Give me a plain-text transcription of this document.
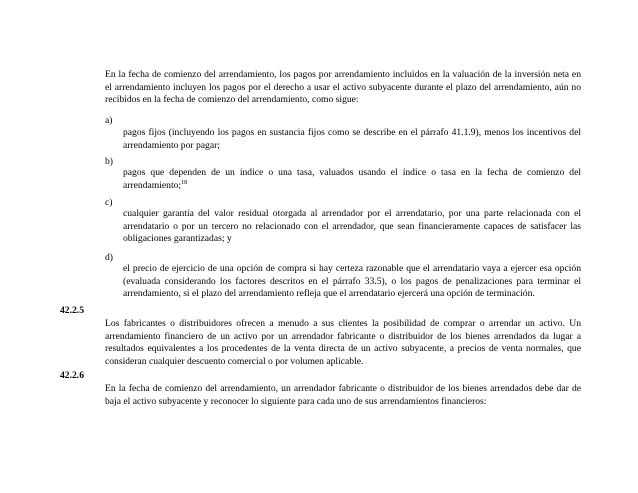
En la fecha de comienzo del arrendamiento, los pagos por arrendamiento incluidos en la valuación de la inversión neta en el arrendamiento incluyen los pagos por el derecho a usar el activo subyacente durante el plazo del arrendamiento, aún no recibidos en la fecha de comienzo del arrendamiento, como sigue:

a)

pagos fijos (incluyendo los pagos en sustancia fijos como se describe en el párrafo 41.1.9), menos los incentivos del arrendamiento por pagar;

b)

pagos que dependen de un índice o una tasa, valuados usando el índice o tasa en la fecha de comienzo del arrendamiento;$^{18}$

c)

cualquier garantía del valor residual otorgada al arrendador por el arrendatario, por una parte relacionada con el arrendatario o por un tercero no relacionado con el arrendador, que sean financieramente capaces de satisfacer las obligaciones garantizadas; y

d)

el precio de ejercicio de una opción de compra si hay certeza razonable que el arrendatario vaya a ejercer esa opción (evaluada considerando los factores descritos en el párrafo 33.5), o los pagos de penalizaciones para terminar el arrendamiento, si el plazo del arrendamiento refleja que el arrendatario ejercerá una opción de terminación.

42.2.5

Los fabricantes o distribuidores ofrecen a menudo a sus clientes la posibilidad de comprar o arrendar un activo. Un arrendamiento financiero de un activo por un arrendador fabricante o distribuidor de los bienes arrendados da lugar a resultados equivalentes a los procedentes de la venta directa de un activo subyacente, a precios de venta normales, que consideran cualquier descuento comercial o por volumen aplicable.

42.2.6

En la fecha de comienzo del arrendamiento, un arrendador fabricante o distribuidor de los bienes arrendados debe dar de baja el activo subyacente y reconocer lo siguiente para cada uno de sus arrendamientos financieros:
